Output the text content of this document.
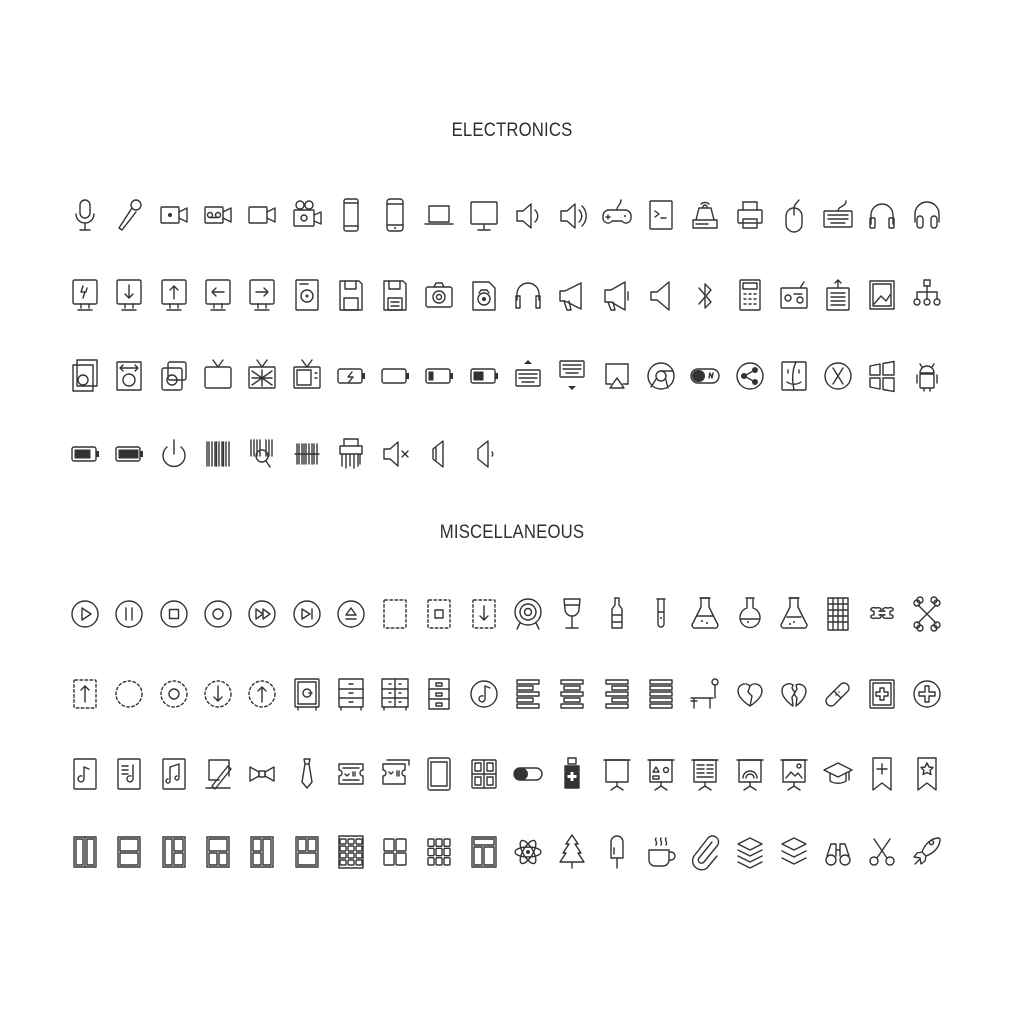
ELECTRONICS
MISCELLANEOUS
